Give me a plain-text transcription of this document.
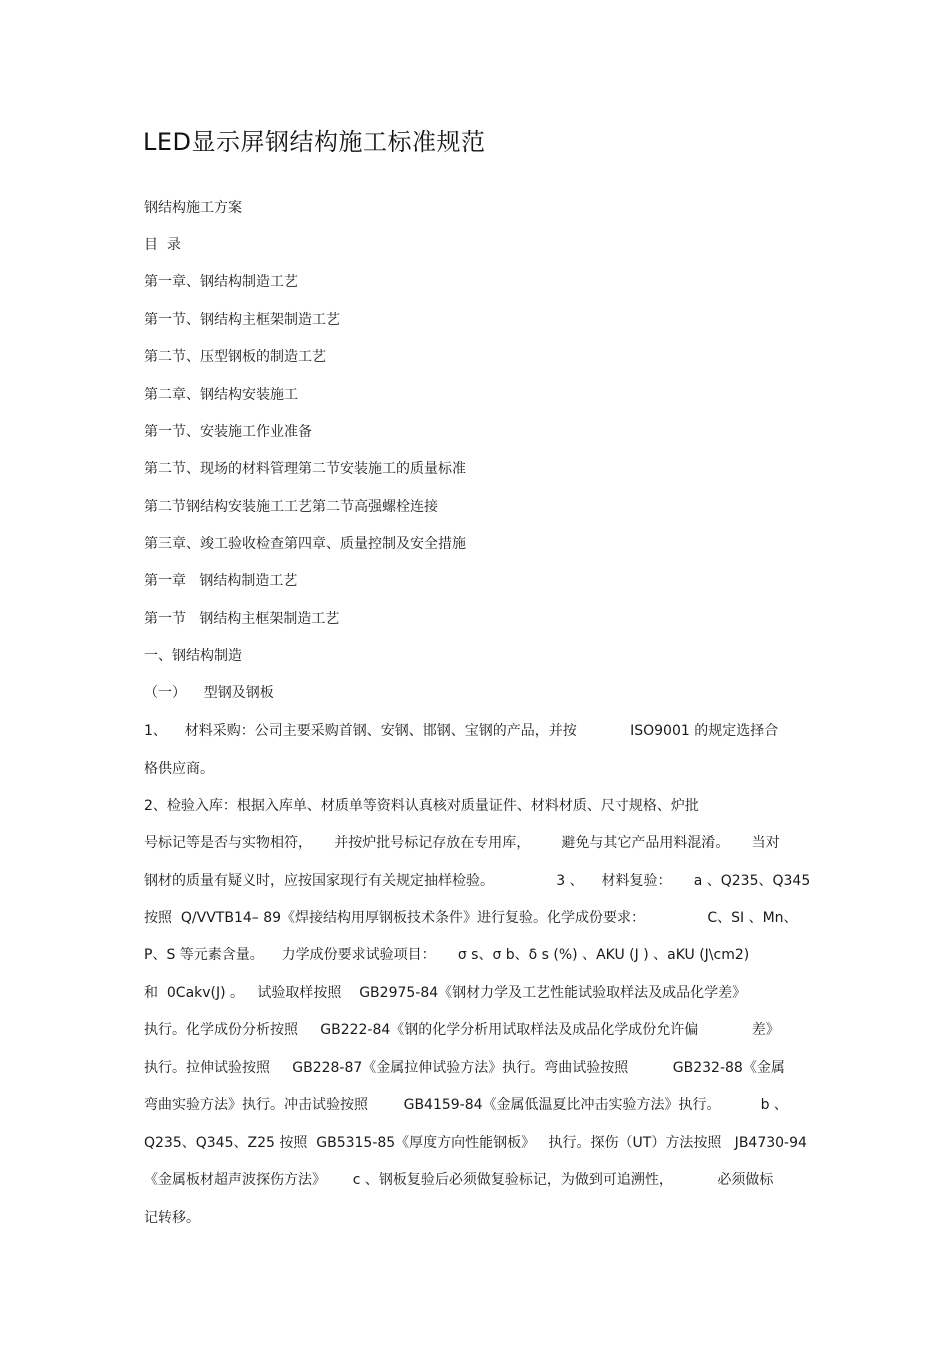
LED显示屏钢结构施工标准规范
钢结构施工方案
目  录
第一章、钢结构制造工艺
第一节、钢结构主框架制造工艺
第二节、压型钢板的制造工艺
第二章、钢结构安装施工
第一节、安装施工作业准备
第二节、现场的材料管理第二节安装施工的质量标准
第二节钢结构安装施工工艺第二节高强螺栓连接
第三章、竣工验收检查第四章、质量控制及安全措施
第一章   钢结构制造工艺
第一节   钢结构主框架制造工艺
一、钢结构制造
（一）    型钢及钢板
1、    材料采购：公司主要采购首钢、安钢、邯钢、宝钢的产品，并按            ISO9001 的规定选择合
格供应商。
2、检验入库：根据入库单、材质单等资料认真核对质量证件、材料材质、尺寸规格、炉批
号标记等是否与实物相符，     并按炉批号标记存放在专用库，       避免与其它产品用料混淆。     当对
钢材的质量有疑义时，应按国家现行有关规定抽样检验。              3 、    材料复验：     a 、Q235、Q345
按照  Q/VVTB14– 89《焊接结构用厚钢板技术条件》进行复验。化学成份要求：              C、SI 、Mn、
P、S 等元素含量。    力学成份要求试验项目：     σ s、σ b、δ s (%) 、AKU (J ) 、aKU (J\cm2)
和  0Cakv(J) 。   试验取样按照    GB2975-84《钢材力学及工艺性能试验取样法及成品化学差》
执行。化学成份分析按照     GB222-84《钢的化学分析用试取样法及成品化学成份允许偏            差》
执行。拉伸试验按照     GB228-87《金属拉伸试验方法》执行。弯曲试验按照          GB232-88《金属
弯曲实验方法》执行。冲击试验按照        GB4159-84《金属低温夏比冲击实验方法》执行。         b 、
Q235、Q345、Z25 按照  GB5315-85《厚度方向性能钢板》   执行。探伤（UT）方法按照   JB4730-94
《金属板材超声波探伤方法》      c 、钢板复验后必须做复验标记，为做到可追溯性，          必须做标
记转移。
